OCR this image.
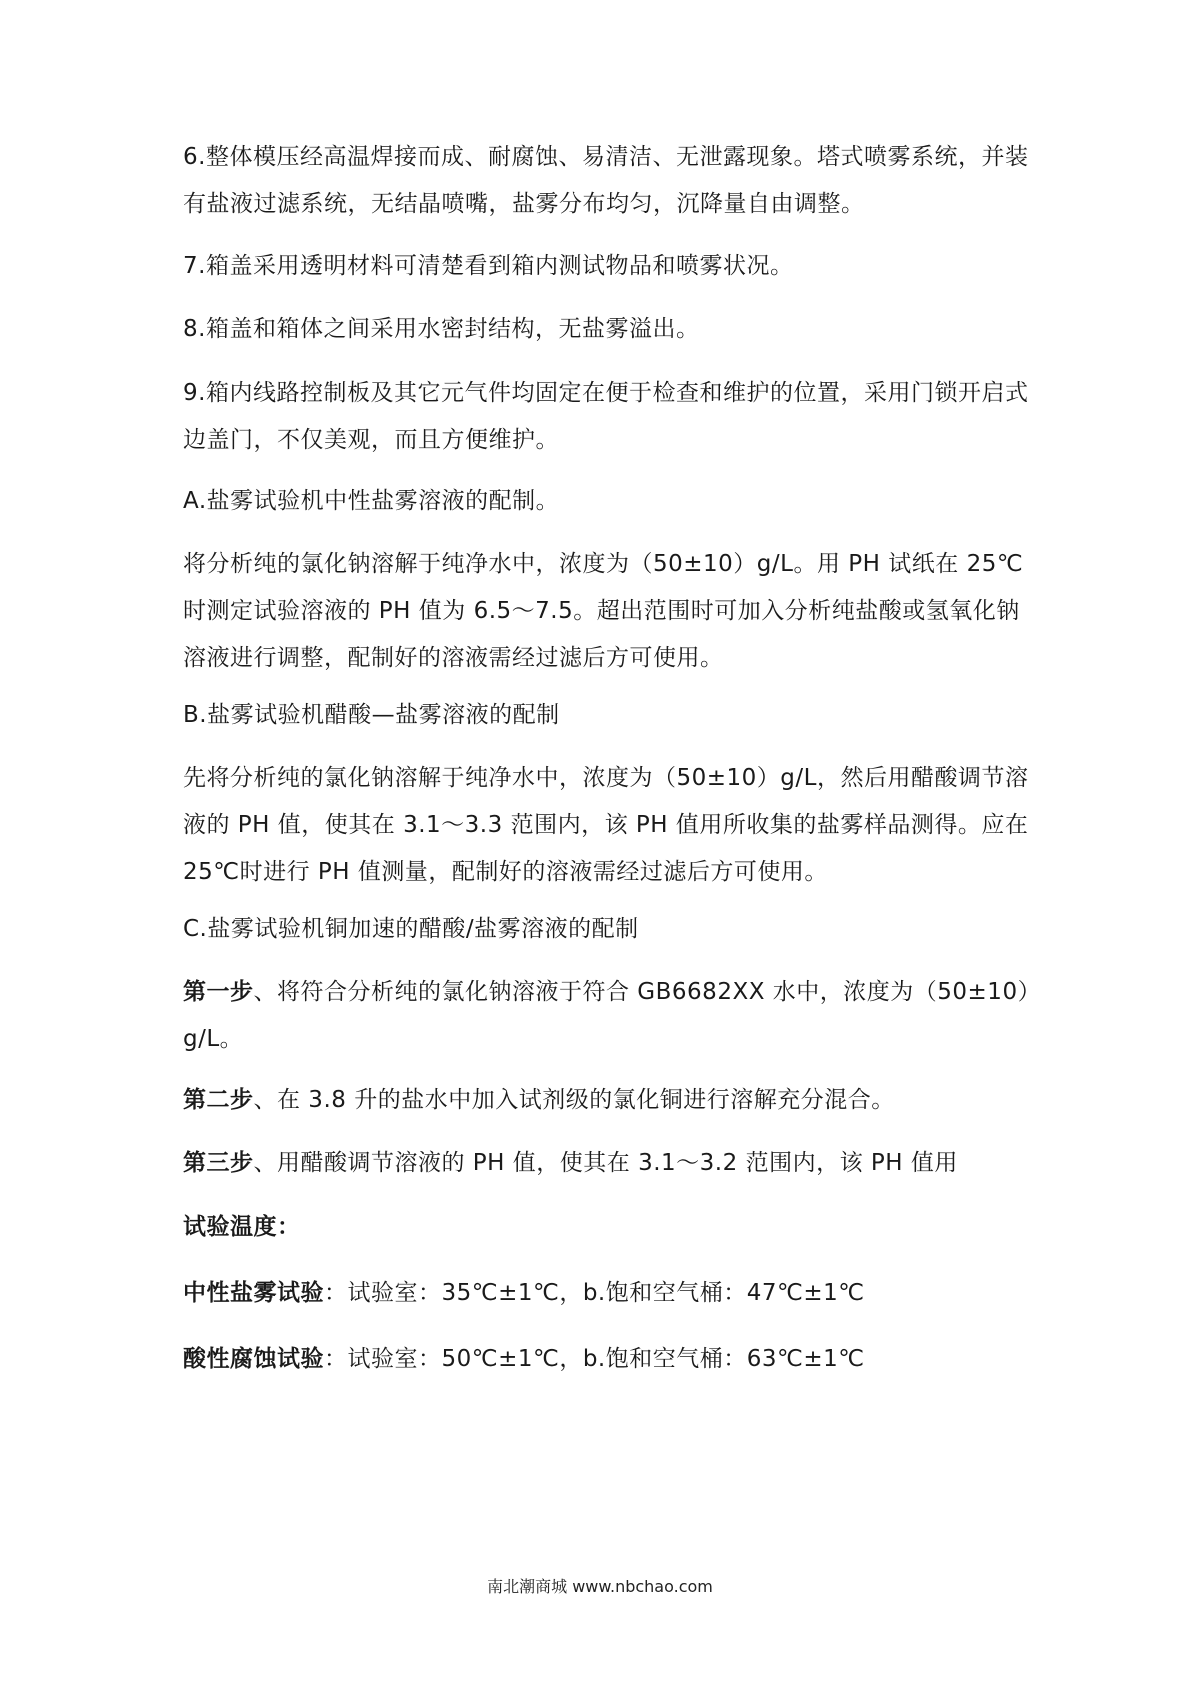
6.整体模压经高温焊接而成、耐腐蚀、易清洁、无泄露现象。塔式喷雾系统，并装有盐液过滤系统，无结晶喷嘴，盐雾分布均匀，沉降量自由调整。

7.箱盖采用透明材料可清楚看到箱内测试物品和喷雾状况。

8.箱盖和箱体之间采用水密封结构，无盐雾溢出。

9.箱内线路控制板及其它元气件均固定在便于检查和维护的位置，采用门锁开启式边盖门，不仅美观，而且方便维护。

A.盐雾试验机中性盐雾溶液的配制。

将分析纯的氯化钠溶解于纯净水中，浓度为（50±10）g/L。用 PH 试纸在 25℃时测定试验溶液的 PH 值为 6.5～7.5。超出范围时可加入分析纯盐酸或氢氧化钠溶液进行调整，配制好的溶液需经过滤后方可使用。

B.盐雾试验机醋酸—盐雾溶液的配制

先将分析纯的氯化钠溶解于纯净水中，浓度为（50±10）g/L，然后用醋酸调节溶液的 PH 值，使其在 3.1～3.3 范围内，该 PH 值用所收集的盐雾样品测得。应在 25℃时进行 PH 值测量，配制好的溶液需经过滤后方可使用。

C.盐雾试验机铜加速的醋酸/盐雾溶液的配制

第一步、将符合分析纯的氯化钠溶液于符合 GB6682XX 水中，浓度为（50±10）g/L。

第二步、在 3.8 升的盐水中加入试剂级的氯化铜进行溶解充分混合。

第三步、用醋酸调节溶液的 PH 值，使其在 3.1～3.2 范围内，该 PH 值用

试验温度：

中性盐雾试验：试验室：35℃±1℃，b.饱和空气桶：47℃±1℃

酸性腐蚀试验：试验室：50℃±1℃，b.饱和空气桶：63℃±1℃

南北潮商城 www.nbchao.com
